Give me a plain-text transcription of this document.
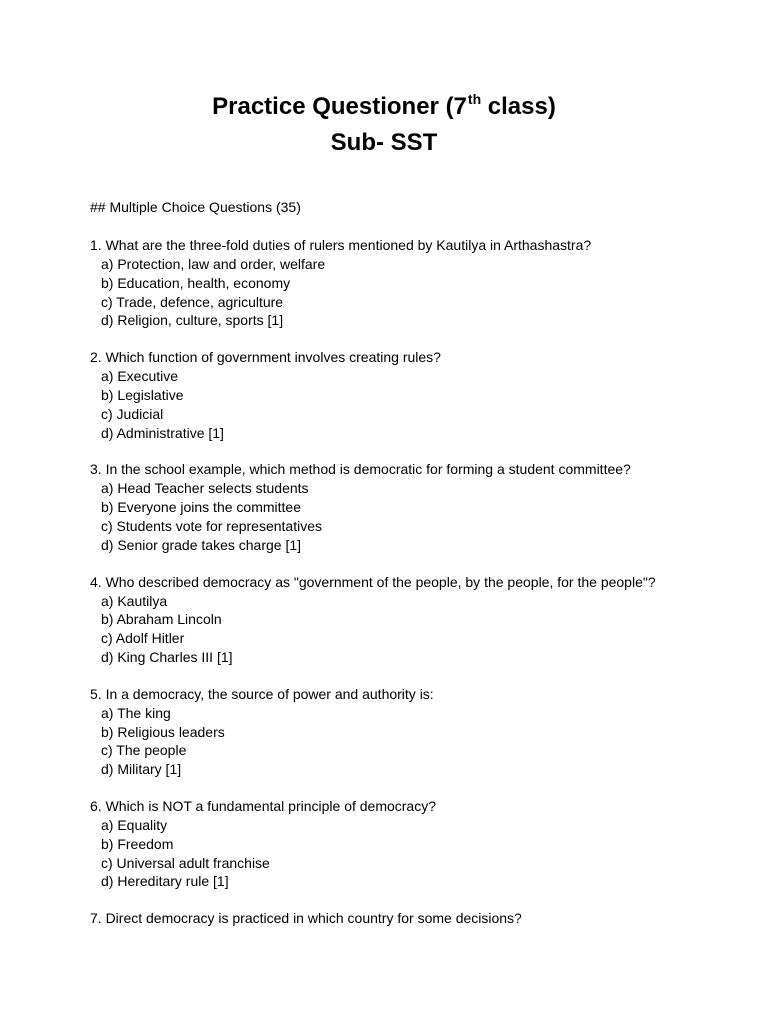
Practice Questioner (7th class)
Sub- SST
## Multiple Choice Questions (35)
1. What are the three-fold duties of rulers mentioned by Kautilya in Arthashastra?
a) Protection, law and order, welfare
b) Education, health, economy
c) Trade, defence, agriculture
d) Religion, culture, sports [1]
2. Which function of government involves creating rules?
a) Executive
b) Legislative
c) Judicial
d) Administrative [1]
3. In the school example, which method is democratic for forming a student committee?
a) Head Teacher selects students
b) Everyone joins the committee
c) Students vote for representatives
d) Senior grade takes charge [1]
4. Who described democracy as "government of the people, by the people, for the people"?
a) Kautilya
b) Abraham Lincoln
c) Adolf Hitler
d) King Charles III [1]
5. In a democracy, the source of power and authority is:
a) The king
b) Religious leaders
c) The people
d) Military [1]
6. Which is NOT a fundamental principle of democracy?
a) Equality
b) Freedom
c) Universal adult franchise
d) Hereditary rule [1]
7. Direct democracy is practiced in which country for some decisions?
